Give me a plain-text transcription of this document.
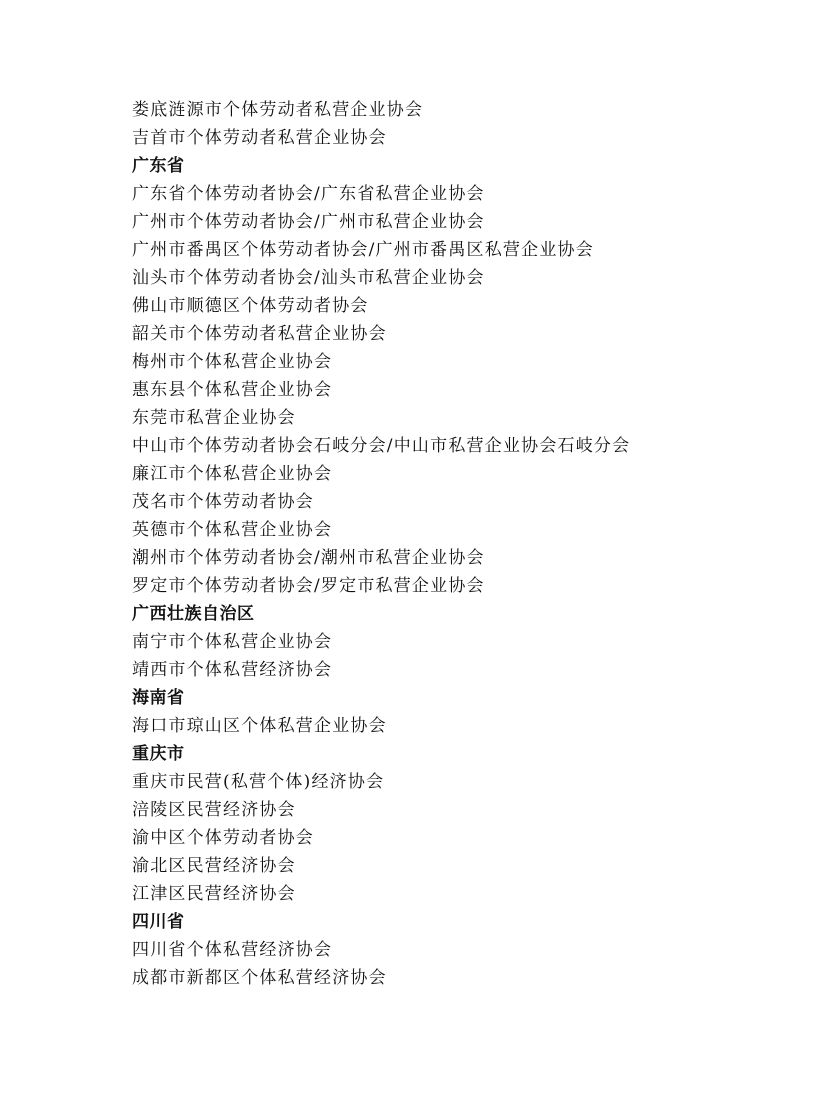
娄底涟源市个体劳动者私营企业协会
吉首市个体劳动者私营企业协会
广东省
广东省个体劳动者协会/广东省私营企业协会
广州市个体劳动者协会/广州市私营企业协会
广州市番禺区个体劳动者协会/广州市番禺区私营企业协会
汕头市个体劳动者协会/汕头市私营企业协会
佛山市顺德区个体劳动者协会
韶关市个体劳动者私营企业协会
梅州市个体私营企业协会
惠东县个体私营企业协会
东莞市私营企业协会
中山市个体劳动者协会石岐分会/中山市私营企业协会石岐分会
廉江市个体私营企业协会
茂名市个体劳动者协会
英德市个体私营企业协会
潮州市个体劳动者协会/潮州市私营企业协会
罗定市个体劳动者协会/罗定市私营企业协会
广西壮族自治区
南宁市个体私营企业协会
靖西市个体私营经济协会
海南省
海口市琼山区个体私营企业协会
重庆市
重庆市民营(私营个体)经济协会
涪陵区民营经济协会
渝中区个体劳动者协会
渝北区民营经济协会
江津区民营经济协会
四川省
四川省个体私营经济协会
成都市新都区个体私营经济协会
